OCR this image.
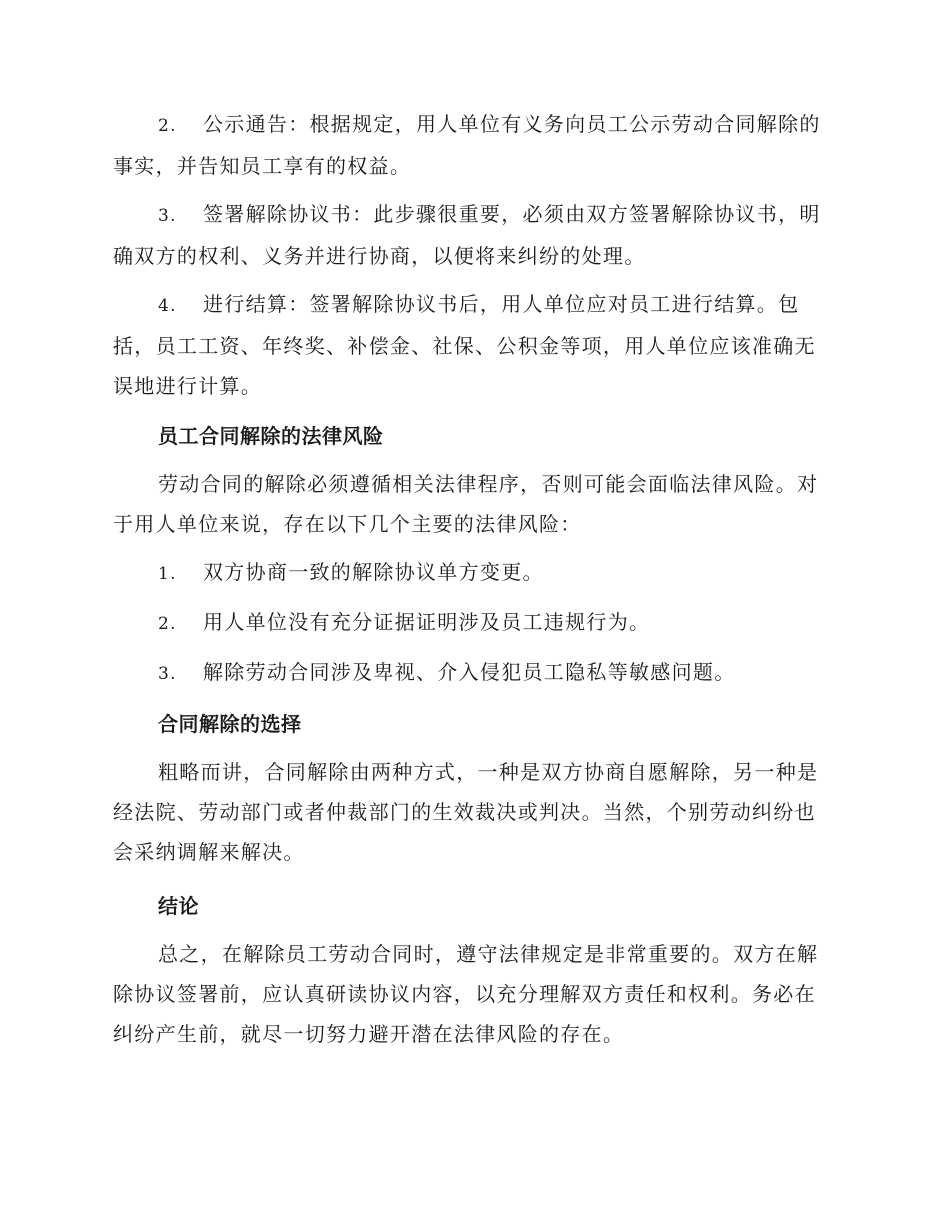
2. 公示通告：根据规定，用人单位有义务向员工公示劳动合同解除的事实，并告知员工享有的权益。
3. 签署解除协议书：此步骤很重要，必须由双方签署解除协议书，明确双方的权利、义务并进行协商，以便将来纠纷的处理。
4. 进行结算：签署解除协议书后，用人单位应对员工进行结算。包括，员工工资、年终奖、补偿金、社保、公积金等项，用人单位应该准确无误地进行计算。
员工合同解除的法律风险

劳动合同的解除必须遵循相关法律程序，否则可能会面临法律风险。对于用人单位来说，存在以下几个主要的法律风险：

1.	双方协商一致的解除协议单方变更。
2.	用人单位没有充分证据证明涉及员工违规行为。
3.	解除劳动合同涉及卑视、介入侵犯员工隐私等敏感问题。
合同解除的选择

粗略而讲，合同解除由两种方式，一种是双方协商自愿解除，另一种是经法院、劳动部门或者仲裁部门的生效裁决或判决。当然，个别劳动纠纷也会采纳调解来解决。

结论

总之，在解除员工劳动合同时，遵守法律规定是非常重要的。双方在解除协议签署前，应认真研读协议内容，以充分理解双方责任和权利。务必在纠纷产生前，就尽一切努力避开潜在法律风险的存在。
